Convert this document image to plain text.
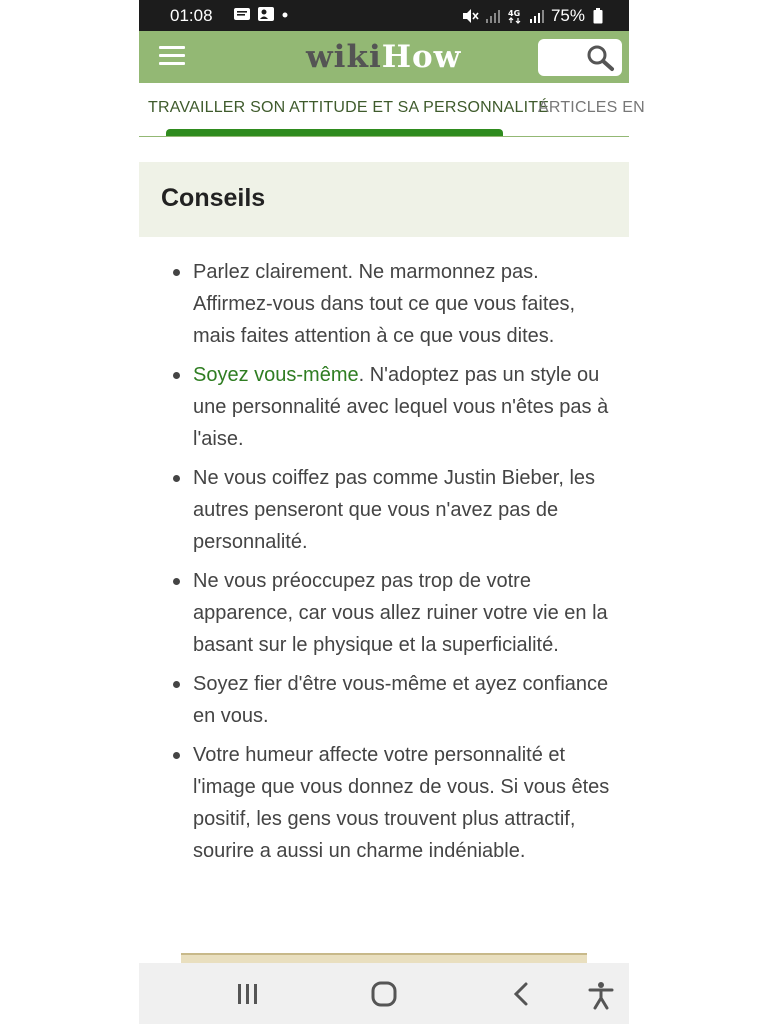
01:08	4G 75%
wikiHow
TRAVAILLER SON ATTITUDE ET SA PERSONNALITÉ
ARTICLES EN
Conseils
Parlez clairement. Ne marmonnez pas. Affirmez-vous dans tout ce que vous faites, mais faites attention à ce que vous dites.
Soyez vous-même. N'adoptez pas un style ou une personnalité avec lequel vous n'êtes pas à l'aise.
Ne vous coiffez pas comme Justin Bieber, les autres penseront que vous n'avez pas de personnalité.
Ne vous préoccupez pas trop de votre apparence, car vous allez ruiner votre vie en la basant sur le physique et la superficialité.
Soyez fier d'être vous-même et ayez confiance en vous.
Votre humeur affecte votre personnalité et l'image que vous donnez de vous. Si vous êtes positif, les gens vous trouvent plus attractif, sourire a aussi un charme indéniable.
